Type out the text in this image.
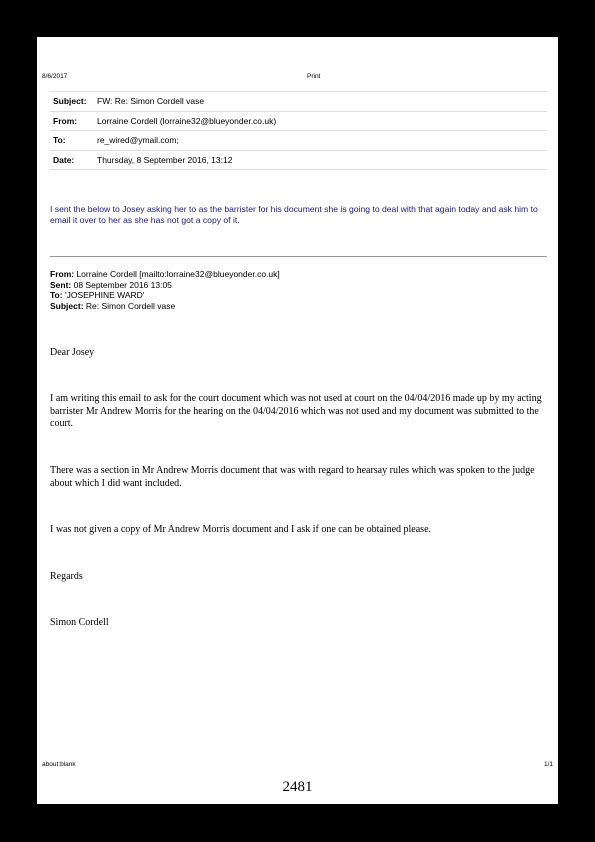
8/6/2017	Print
Subject:	FW: Re: Simon Cordell vase
From:	Lorraine Cordell (lorraine32@blueyonder.co.uk)
To:	re_wired@ymail.com;
Date:	Thursday, 8 September 2016, 13:12

I sent the below to Josey asking her to as the barrister for his document she is going to deal with that again today and ask him to email it over to her as she has not got a copy of it.

From: Lorraine Cordell [mailto:lorraine32@blueyonder.co.uk]
Sent: 08 September 2016 13:05
To: 'JOSEPHINE WARD'
Subject: Re: Simon Cordell vase

Dear Josey

I am writing this email to ask for the court document which was not used at court on the 04/04/2016 made up by my acting barrister Mr Andrew Morris for the hearing on the 04/04/2016 which was not used and my document was submitted to the court.

There was a section in Mr Andrew Morris document that was with regard to hearsay rules which was spoken to the judge about which I did want included.

I was not given a copy of Mr Andrew Morris document and I ask if one can be obtained please.

Regards

Simon Cordell

about:blank	1/1
2481
